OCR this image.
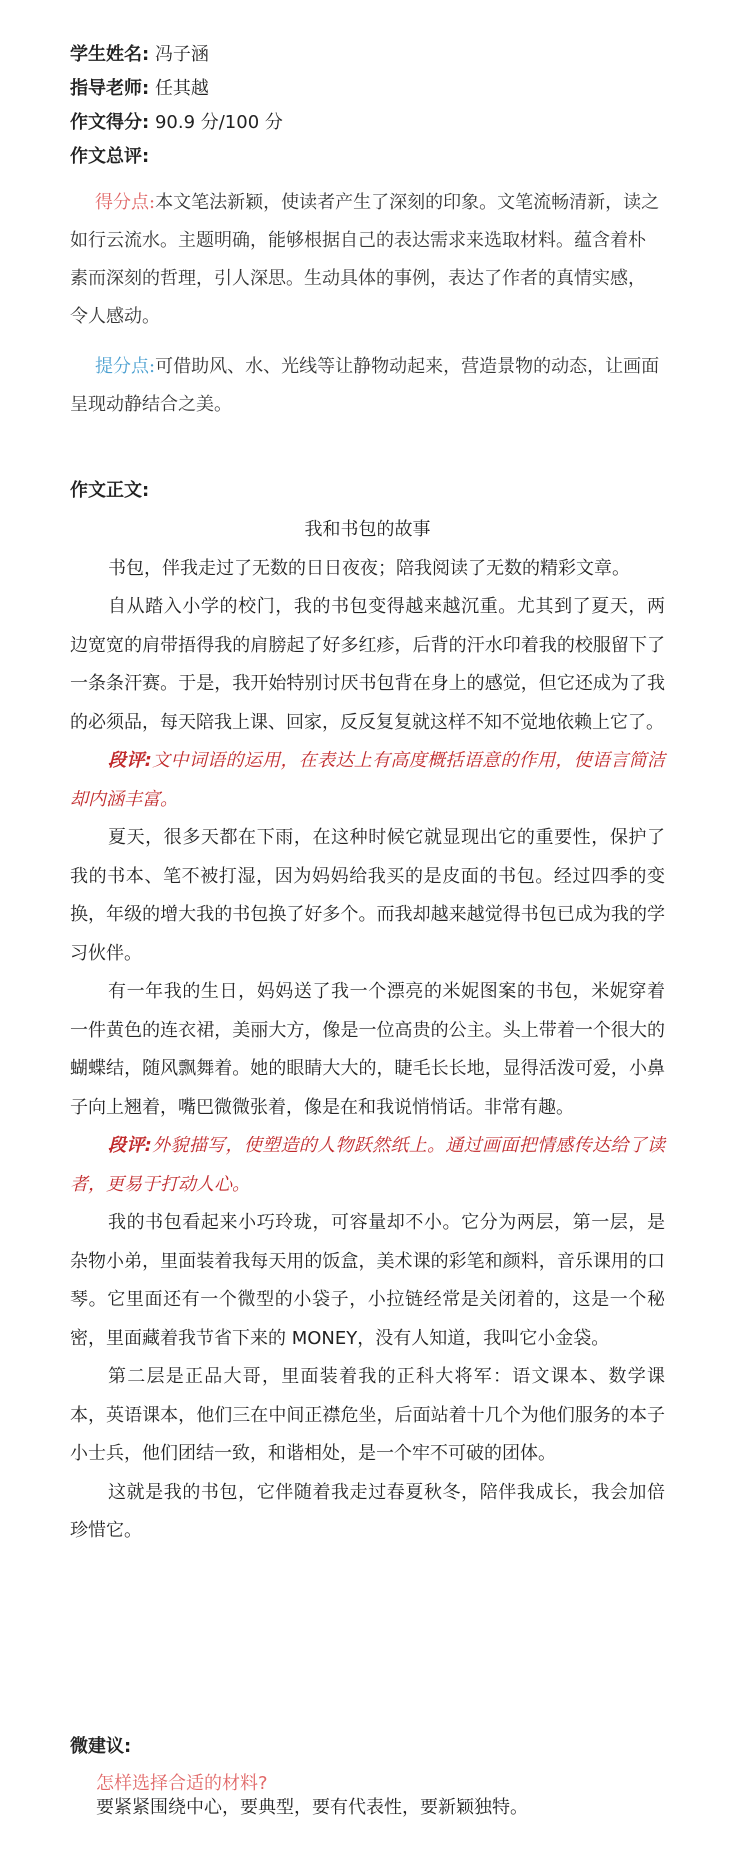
学生姓名: 冯子涵
指导老师: 任其越
作文得分: 90.9 分/100 分
作文总评:

得分点:本文笔法新颖，使读者产生了深刻的印象。文笔流畅清新，读之如行云流水。主题明确，能够根据自己的表达需求来选取材料。蕴含着朴素而深刻的哲理，引人深思。生动具体的事例，表达了作者的真情实感，令人感动。

提分点:可借助风、水、光线等让静物动起来，营造景物的动态，让画面呈现动静结合之美。

作文正文:
我和书包的故事

书包，伴我走过了无数的日日夜夜；陪我阅读了无数的精彩文章。

自从踏入小学的校门，我的书包变得越来越沉重。尤其到了夏天，两边宽宽的肩带捂得我的肩膀起了好多红疹，后背的汗水印着我的校服留下了一条条汗赛。于是，我开始特别讨厌书包背在身上的感觉，但它还成为了我的必须品，每天陪我上课、回家，反反复复就这样不知不觉地依赖上它了。

段评:文中词语的运用，在表达上有高度概括语意的作用，使语言简洁却内涵丰富。

夏天，很多天都在下雨，在这种时候它就显现出它的重要性，保护了我的书本、笔不被打湿，因为妈妈给我买的是皮面的书包。经过四季的变换，年级的增大我的书包换了好多个。而我却越来越觉得书包已成为我的学习伙伴。

有一年我的生日，妈妈送了我一个漂亮的米妮图案的书包，米妮穿着一件黄色的连衣裙，美丽大方，像是一位高贵的公主。头上带着一个很大的蝴蝶结，随风飘舞着。她的眼睛大大的，睫毛长长地，显得活泼可爱，小鼻子向上翘着，嘴巴微微张着，像是在和我说悄悄话。非常有趣。

段评:外貌描写，使塑造的人物跃然纸上。通过画面把情感传达给了读者，更易于打动人心。

我的书包看起来小巧玲珑，可容量却不小。它分为两层，第一层，是杂物小弟，里面装着我每天用的饭盒，美术课的彩笔和颜料，音乐课用的口琴。它里面还有一个微型的小袋子，小拉链经常是关闭着的，这是一个秘密，里面藏着我节省下来的 MONEY，没有人知道，我叫它小金袋。

第二层是正品大哥，里面装着我的正科大将军：语文课本、数学课本，英语课本，他们三在中间正襟危坐，后面站着十几个为他们服务的本子小士兵，他们团结一致，和谐相处，是一个牢不可破的团体。

这就是我的书包，它伴随着我走过春夏秋冬，陪伴我成长，我会加倍珍惜它。

微建议:
怎样选择合适的材料?
要紧紧围绕中心，要典型，要有代表性，要新颖独特。
